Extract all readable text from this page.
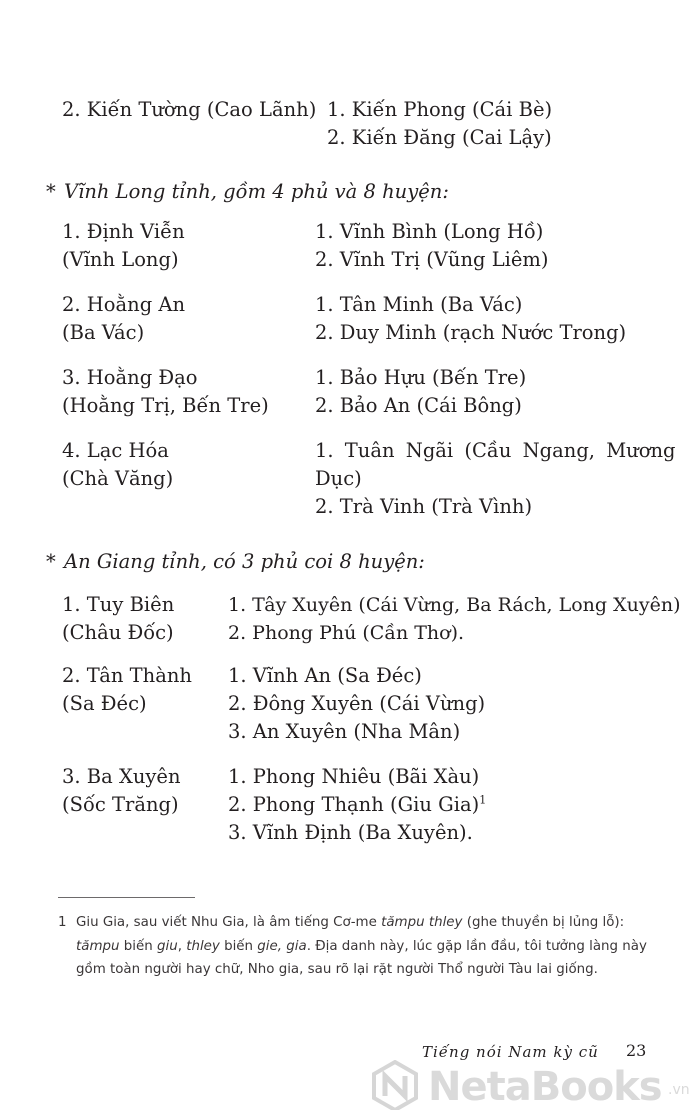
2. Kiến Tường (Cao Lãnh) 1. Kiến Phong (Cái Bè)
2. Kiến Đăng (Cai Lậy)
* Vĩnh Long tỉnh, gồm 4 phủ và 8 huyện:
1. Định Viễn
(Vĩnh Long)
1. Vĩnh Bình (Long Hồ)
2. Vĩnh Trị (Vũng Liêm)
2. Hoằng An
(Ba Vác)
1. Tân Minh (Ba Vác)
2. Duy Minh (rạch Nước Trong)
3. Hoằng Đạo
(Hoằng Trị, Bến Tre)
1. Bảo Hựu (Bến Tre)
2. Bảo An (Cái Bông)
4. Lạc Hóa
(Chà Văng)
1. Tuân Ngãi (Cầu Ngang, Mương
Dục)
2. Trà Vinh (Trà Vình)
* An Giang tỉnh, có 3 phủ coi 8 huyện:
1. Tuy Biên
(Châu Đốc)
1. Tây Xuyên (Cái Vừng, Ba Rách, Long Xuyên)
2. Phong Phú (Cần Thơ).
2. Tân Thành
(Sa Đéc)
1. Vĩnh An (Sa Đéc)
2. Đông Xuyên (Cái Vừng)
3. An Xuyên (Nha Mân)
3. Ba Xuyên
(Sốc Trăng)
1. Phong Nhiêu (Bãi Xàu)
2. Phong Thạnh (Giu Gia)$^1$
3. Vĩnh Định (Ba Xuyên).
1 Giu Gia, sau viết Nhu Gia, là âm tiếng Cơ-me tămpu thley (ghe thuyền bị lủng lỗ): tămpu biến giu, thley biến gie, gia. Địa danh này, lúc gặp lần đầu, tôi tưởng làng này gồm toàn người hay chữ, Nho gia, sau rõ lại rặt người Thổ người Tàu lai giống.
Tiếng nói Nam kỳ cũ 23
NetaBooks .vn
